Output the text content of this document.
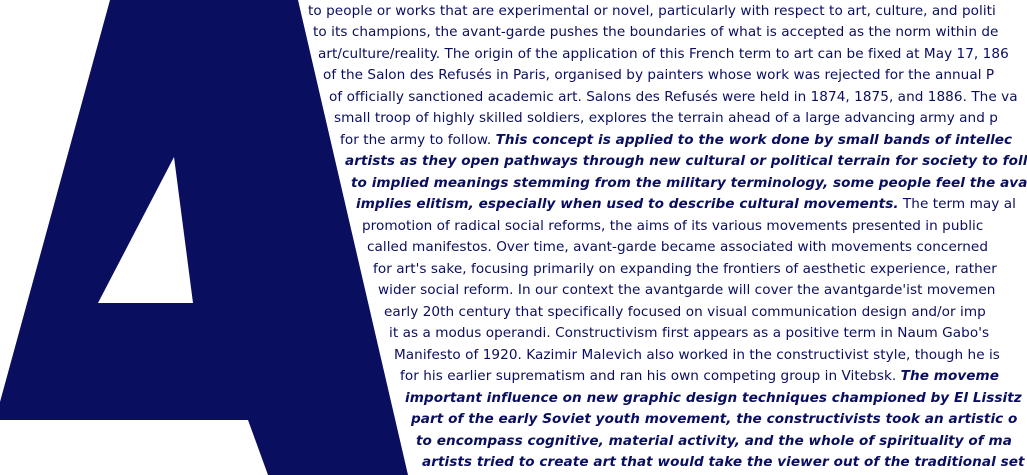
to people or works that are experimental or novel, particularly with respect to art, culture, and politi
to its champions, the avant-garde pushes the boundaries of what is accepted as the norm within de
art/culture/reality. The origin of the application of this French term to art can be fixed at May 17, 186
of the Salon des Refusés in Paris, organised by painters whose work was rejected for the annual P
of officially sanctioned academic art. Salons des Refusés were held in 1874, 1875, and 1886. The va
small troop of highly skilled soldiers, explores the terrain ahead of a large advancing army and p
for the army to follow. This concept is applied to the work done by small bands of intellec
artists as they open pathways through new cultural or political terrain for society to foll
to implied meanings stemming from the military terminology, some people feel the ava
implies elitism, especially when used to describe cultural movements. The term may al
promotion of radical social reforms, the aims of its various movements presented in public
called manifestos. Over time, avant-garde became associated with movements concerned
for art's sake, focusing primarily on expanding the frontiers of aesthetic experience, rather
wider social reform. In our context the avantgarde will cover the avantgarde'ist movemen
early 20th century that specifically focused on visual communication design and/or imp
it as a modus operandi. Constructivism first appears as a positive term in Naum Gabo's
Manifesto of 1920. Kazimir Malevich also worked in the constructivist style, though he is
for his earlier suprematism and ran his own competing group in Vitebsk. The moveme
important influence on new graphic design techniques championed by El Lissitz
part of the early Soviet youth movement, the constructivists took an artistic o
to encompass cognitive, material activity, and the whole of spirituality of ma
artists tried to create art that would take the viewer out of the traditional set
